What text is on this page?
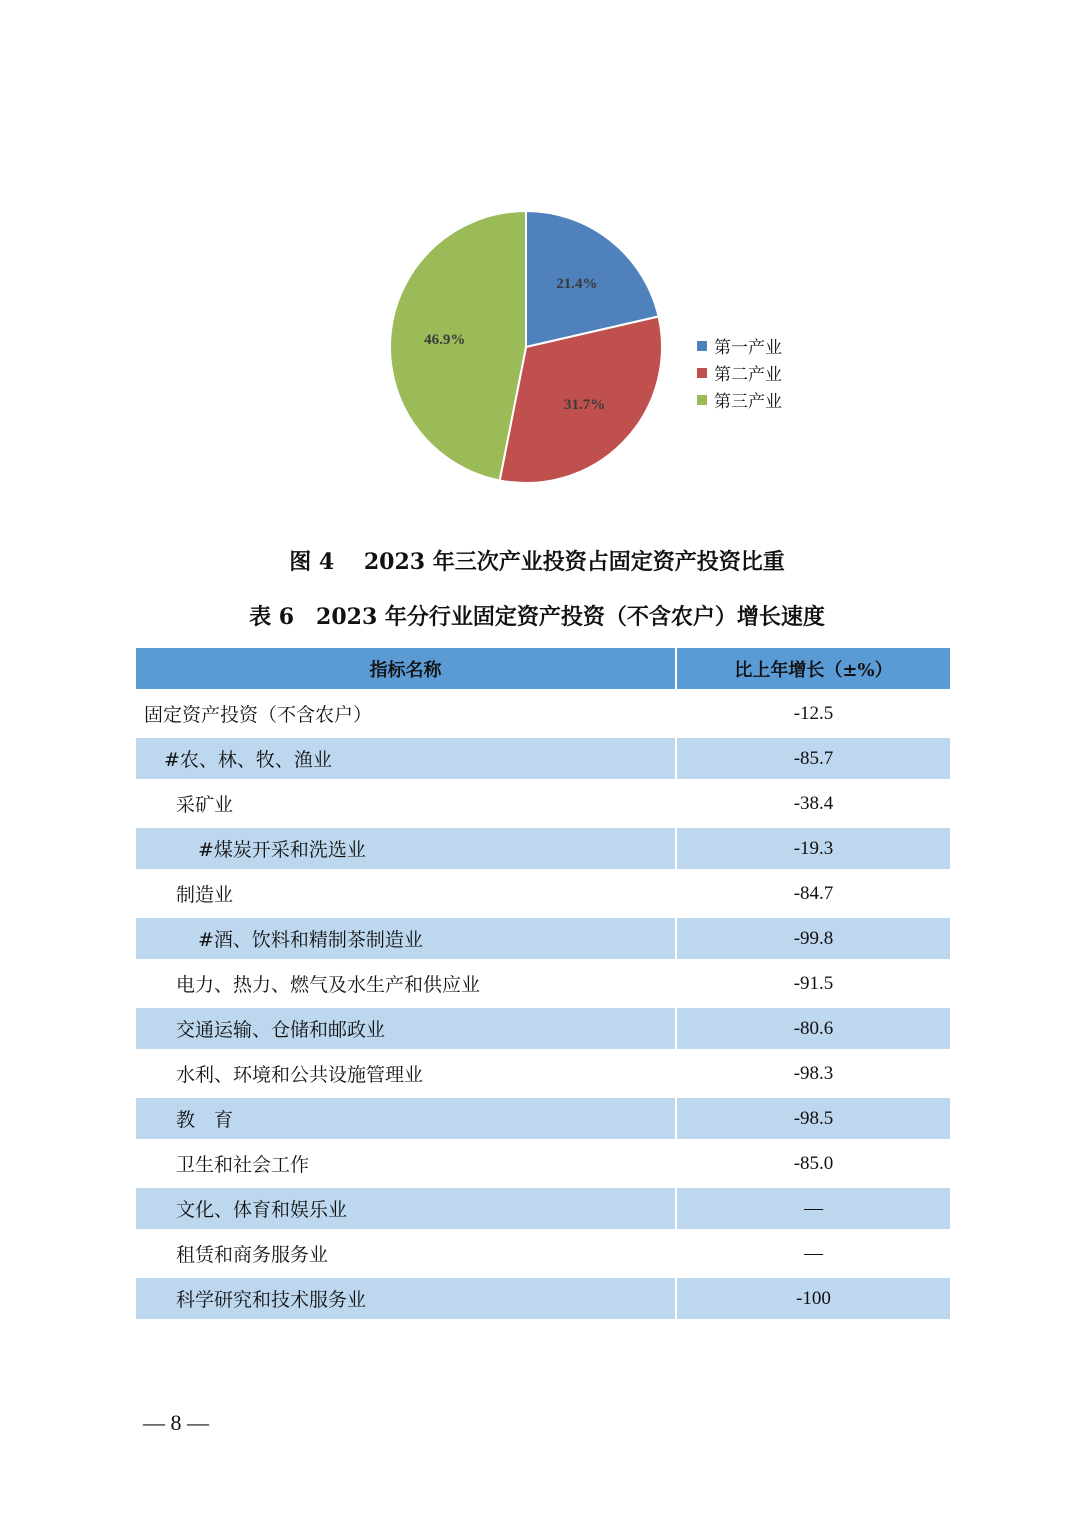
21.4%
31.7%
46.9%	第一产业
第二产业
第三产业
图 4　 2023 年三次产业投资占固定资产投资比重
表 6　2023 年分行业固定资产投资（不含农户）增长速度
指标名称	比上年增长（±%）
固定资产投资（不含农户）	-12.5
#农、林、牧、渔业	-85.7
采矿业	-38.4
#煤炭开采和洗选业	-19.3
制造业	-84.7
#酒、饮料和精制茶制造业	-99.8
电力、热力、燃气及水生产和供应业	-91.5
交通运输、仓储和邮政业	-80.6
水利、环境和公共设施管理业	-98.3
教　育	-98.5
卫生和社会工作	-85.0
文化、体育和娱乐业	—
租赁和商务服务业	—
科学研究和技术服务业	-100
— 8 —
